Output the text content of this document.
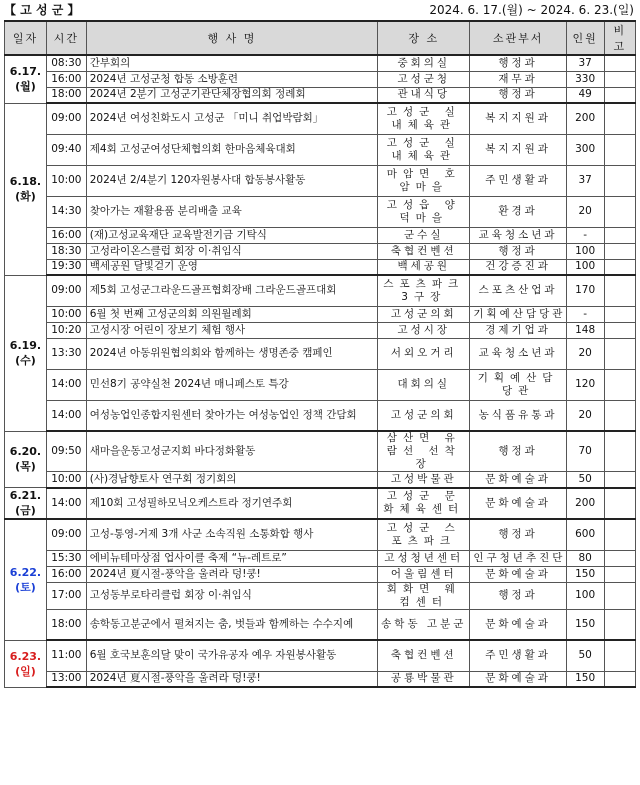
【 고 성 군 】	2024. 6. 17.(월) ~ 2024. 6. 23.(일)
일자	시간	행 사 명	장 소	소관부서	인원	비고
6.17.
(월)	08:30	간부회의	중회의실	행정과	37	
	16:00	2024년 고성군청 합동 소방훈련	고성군청	재무과	330	
	18:00	2024년 2분기 고성군기관단체장협의회 정례회	관내식당	행정과	49	
6.18.
(화)	09:00	2024년 여성친화도시 고성군 「미니 취업박람회」	고성군 실내체육관	복지지원과	200	
	09:40	제4회 고성군여성단체협의회 한마음체육대회	고성군 실내체육관	복지지원과	300	
	10:00	2024년 2/4분기 120자원봉사대 합동봉사활동	마암면 호암마을	주민생활과	37	
	14:30	찾아가는 재활용품 분리배출 교육	고성읍 양덕마을	환경과	20	
	16:00	(재)고성교육재단 교육발전기금 기탁식	군수실	교육청소년과	-	
	18:30	고성라이온스클럽 회장 이·취임식	축협컨벤션	행정과	100	
	19:30	백세공원 달빛걷기 운영	백세공원	건강증진과	100	
6.19.
(수)	09:00	제5회 고성군그라운드골프협회장배 그라운드골프대회	스포츠파크 3구장	스포츠산업과	170	
	10:00	6월 첫 번째 고성군의회 의원월례회	고성군의회	기획예산담당관	-	
	10:20	고성시장 어린이 장보기 체험 행사	고성시장	경제기업과	148	
	13:30	2024년 아동위원협의회와 함께하는 생명존중 캠페인	서외오거리	교육청소년과	20	
	14:00	민선8기 공약실천 2024년 매니페스토 특강	대회의실	기획예산담당관	120	
	14:00	여성농업인종합지원센터 찾아가는 여성농업인 정책 간담회	고성군의회	농식품유통과	20	
6.20.
(목)	09:50	새마을운동고성군지회 바다정화활동	삼산면 유람선 선착장	행정과	70	
	10:00	(사)경남향토사 연구회 정기회의	고성박물관	문화예술과	50	
6.21.
(금)	14:00	제10회 고성필하모닉오케스트라 정기연주회	고성군 문화체육센터	문화예술과	200	
6.22.
(토)	09:00	고성-통영-거제 3개 사군 소속직원 소통화합 행사	고성군 스포츠파크	행정과	600	
	15:30	에비뉴테마상점 업사이클 축제 “뉴-레트로”	고성청년센터	인구청년추진단	80	
	16:00	2024년 夏시절-풍악을 울려라 덩!쿵!	어울림센터	문화예술과	150	
	17:00	고성동부로타리클럽 회장 이·취임식	회화면 웨컴센터	행정과	100	
	18:00	송학동고분군에서 펼쳐지는 춤, 벗들과 함께하는 수수지예	송학동 고분군	문화예술과	150	
6.23.
(일)	11:00	6월 호국보훈의달 맞이 국가유공자 예우 자원봉사활동	축협컨벤션	주민생활과	50	
	13:00	2024년 夏시절-풍악을 울려라 덩!쿵!	공룡박물관	문화예술과	150	
